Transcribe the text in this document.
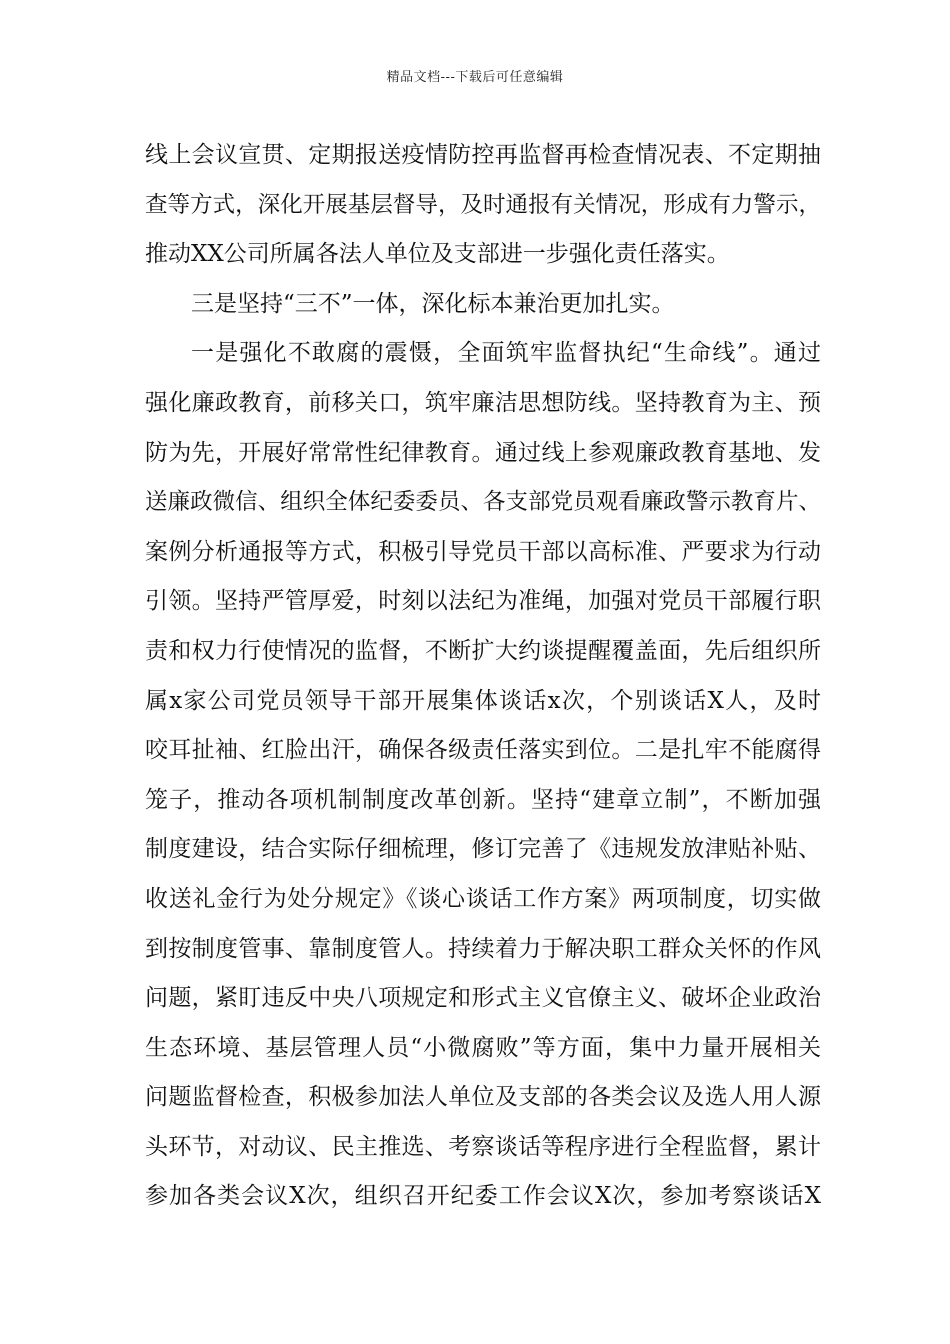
精品文档---下载后可任意编辑
线上会议宣贯、定期报送疫情防控再监督再检查情况表、不定期抽
查等方式，深化开展基层督导，及时通报有关情况，形成有力警示，
推动XX公司所属各法人单位及支部进一步强化责任落实。
三是坚持“三不”一体，深化标本兼治更加扎实。
一是强化不敢腐的震慑，全面筑牢监督执纪“生命线”。通过
强化廉政教育，前移关口，筑牢廉洁思想防线。坚持教育为主、预
防为先，开展好常常性纪律教育。通过线上参观廉政教育基地、发
送廉政微信、组织全体纪委委员、各支部党员观看廉政警示教育片、
案例分析通报等方式，积极引导党员干部以高标准、严要求为行动
引领。坚持严管厚爱，时刻以法纪为准绳，加强对党员干部履行职
责和权力行使情况的监督，不断扩大约谈提醒覆盖面，先后组织所
属x家公司党员领导干部开展集体谈话x次，个别谈话X人，及时
咬耳扯袖、红脸出汗，确保各级责任落实到位。二是扎牢不能腐得
笼子，推动各项机制制度改革创新。坚持“建章立制”，不断加强
制度建设，结合实际仔细梳理，修订完善了《违规发放津贴补贴、
收送礼金行为处分规定》《谈心谈话工作方案》两项制度，切实做
到按制度管事、靠制度管人。持续着力于解决职工群众关怀的作风
问题，紧盯违反中央八项规定和形式主义官僚主义、破坏企业政治
生态环境、基层管理人员“小微腐败”等方面，集中力量开展相关
问题监督检查，积极参加法人单位及支部的各类会议及选人用人源
头环节，对动议、民主推选、考察谈话等程序进行全程监督，累计
参加各类会议X次，组织召开纪委工作会议X次，参加考察谈话X
